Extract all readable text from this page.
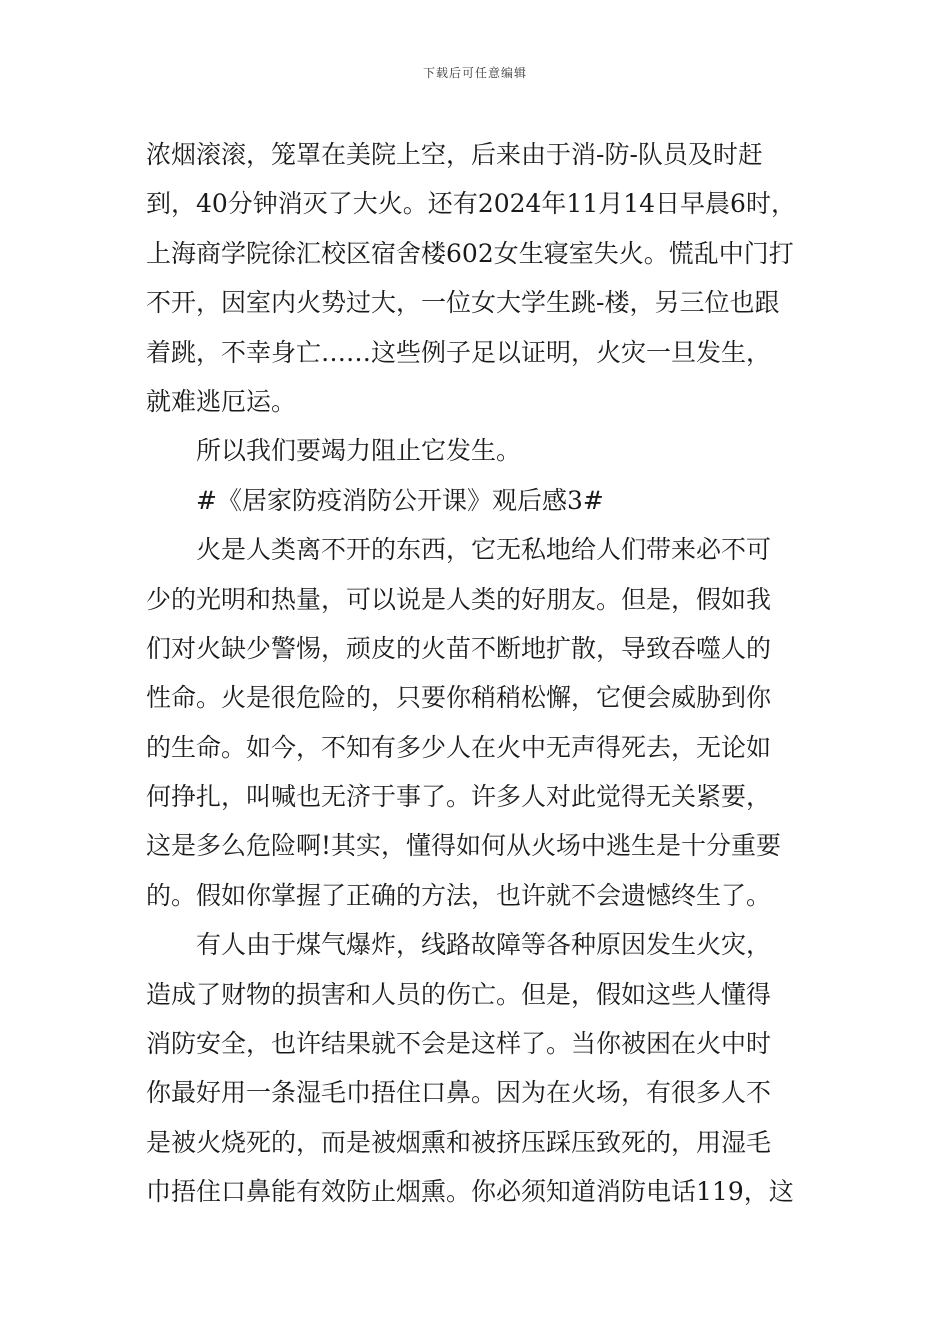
下载后可任意编辑
浓烟滚滚，笼罩在美院上空，后来由于消-防-队员及时赶
到，40分钟消灭了大火。还有2024年11月14日早晨6时，
上海商学院徐汇校区宿舍楼602女生寝室失火。慌乱中门打
不开，因室内火势过大，一位女大学生跳-楼，另三位也跟
着跳，不幸身亡……这些例子足以证明，火灾一旦发生，
就难逃厄运。
所以我们要竭力阻止它发生。
#《居家防疫消防公开课》观后感3#
火是人类离不开的东西，它无私地给人们带来必不可
少的光明和热量，可以说是人类的好朋友。但是，假如我
们对火缺少警惕，顽皮的火苗不断地扩散，导致吞噬人的
性命。火是很危险的，只要你稍稍松懈，它便会威胁到你
的生命。如今，不知有多少人在火中无声得死去，无论如
何挣扎，叫喊也无济于事了。许多人对此觉得无关紧要，
这是多么危险啊!其实，懂得如何从火场中逃生是十分重要
的。假如你掌握了正确的方法，也许就不会遗憾终生了。
有人由于煤气爆炸，线路故障等各种原因发生火灾，
造成了财物的损害和人员的伤亡。但是，假如这些人懂得
消防安全，也许结果就不会是这样了。当你被困在火中时
你最好用一条湿毛巾捂住口鼻。因为在火场，有很多人不
是被火烧死的，而是被烟熏和被挤压踩压致死的，用湿毛
巾捂住口鼻能有效防止烟熏。你必须知道消防电话119，这
